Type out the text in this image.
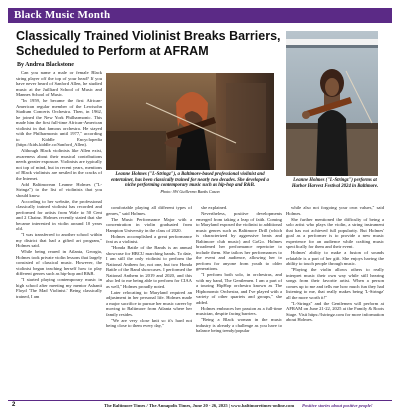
Black Music Month
Classically Trained Violinist Breaks Barriers, Scheduled to Perform at AFRAM
By Andrea Blackstone

Can you name a male or female Black string player off the top of your head? If you have never heard of Sanford Allen, he studied music at the Juilliard School of Music and Mannes School of Music.

"In 1959, he became the first African-American regular member of the Lewisohn Stadium Concerts Orchestra. Then, in 1962, he joined the New York Philharmonic. This made him the first full-time African-American violinist in that famous orchestra. He stayed with the Philharmonic until 1977," according to Kiddle Encyclopedia (https://kids.kiddle.co/Sanford_Allen).

Although Black violinists like Allen exist, awareness about their musical contributions needs greater exposure. Violinists are typically not top of mind, but in recent years, mentions of Black violinists are nestled in the cracks of the Internet.

Add Baltimorean Leanne Holmes ("L-Stringz") to the list of violinists that you should know.

According to her website, the professional classically trained violinist has recorded and performed for artists from Wale to 50 Cent and 2 Chainz. Holmes recently stated that she became interested in violin around 10 years old.

"I was transferred to another school within my district that had a gifted art program," Holmes said.

While being reared in Atlanta, Georgia, Holmes took private violin lessons that largely consisted of classical music. However, the violinist began teaching herself how to play different genres such as hip-hop and R&B.

"I started playing contemporary music in high school after meeting my mentor Ashanti Floyd 'The Mad Violinist.' Being classically trained, I am

Leanne Holmes ("L-Stringz"), a Baltimore-based professional violinist and entertainer, has been classically trained for nearly two decades. She developed a niche performing contemporary music such as hip-hop and R&B.
Photo: SW Guillermo Banks Cason
Leanne Holmes ("L-Stringz") performs at Harbor Harvest Festival 2024 in Baltimore.

comfortable playing all different types of genres," said Holmes.

The Music Performance Major with a concentration in violin graduated from Hampton University in the class of 2020.

Holmes accomplished a great performance feat as a violinist.

"Honda Battle of the Bands is an annual showcase for HBCU marching bands. To date, I am still the only violinist to perform the National Anthem for, not one, but two Honda Battle of the Band showcases. I performed the National Anthem in 2019 and 2020, and this also led to me being able to perform for CIAA as well," Holmes proudly noted.

Later relocating to Maryland required an adjustment in her personal life. Holmes made a major sacrifice to pursue her music career by moving to Baltimore from Atlanta where her family resides.

"We are very close knit so it's hard not being close to them every day,"

she explained.

Nevertheless, positive developments emerged from taking a leap of faith. Coming to Maryland exposed the violinist to additional music genres such as Baltimore Drill (which is characterized by aggressive beats and Baltimore club music) and GoGo. Holmes broadened her performance repertoire to include them. She tailors her performances to the event and audience, allowing her to perform for anyone from youth to older generations.

"I perform both solo, in orchestras, and with my band, The Gentlemen. I am a part of a touring HipHop orchestra known as The Hiphonomic Orchestra, and I've played with a variety of other quartets and groups," she added.

Holmes embraces her passion as a full-time musician, despite facing barriers.

"Being a Black woman in the music industry is already a challenge as you have to balance being trendy/popular

while also not forgoing your own values," said Holmes.

She further mentioned the difficulty of being a solo artist who plays the violin, a string instrument that has not achieved full popularity. But Holmes' goal as a performer is to provide a new music experience for an audience while crafting music specifically for them and their event.

Holmes' ability to make a fusion of sounds relatable is a part of her gift. She enjoys having the ability to touch people through music.

"Playing the violin allows others to really interpret music their own way while still hearing songs from their favorite artist. When a person comes up to me and tells me how much fun they had listening to me, that really makes being 'L-Stringz' all the more worth it!"

"L-Stringz" and the Gentlemen will perform at AFRAM on June 21-22, 2025 at the Family & Roots Stage. Visit https://lstringz.com for more information about Holmes.

2	The Baltimore Times / The Annapolis Times, June 20 - 26, 2025 | www.baltimoretimes-online.com Positive stories about positive people!
